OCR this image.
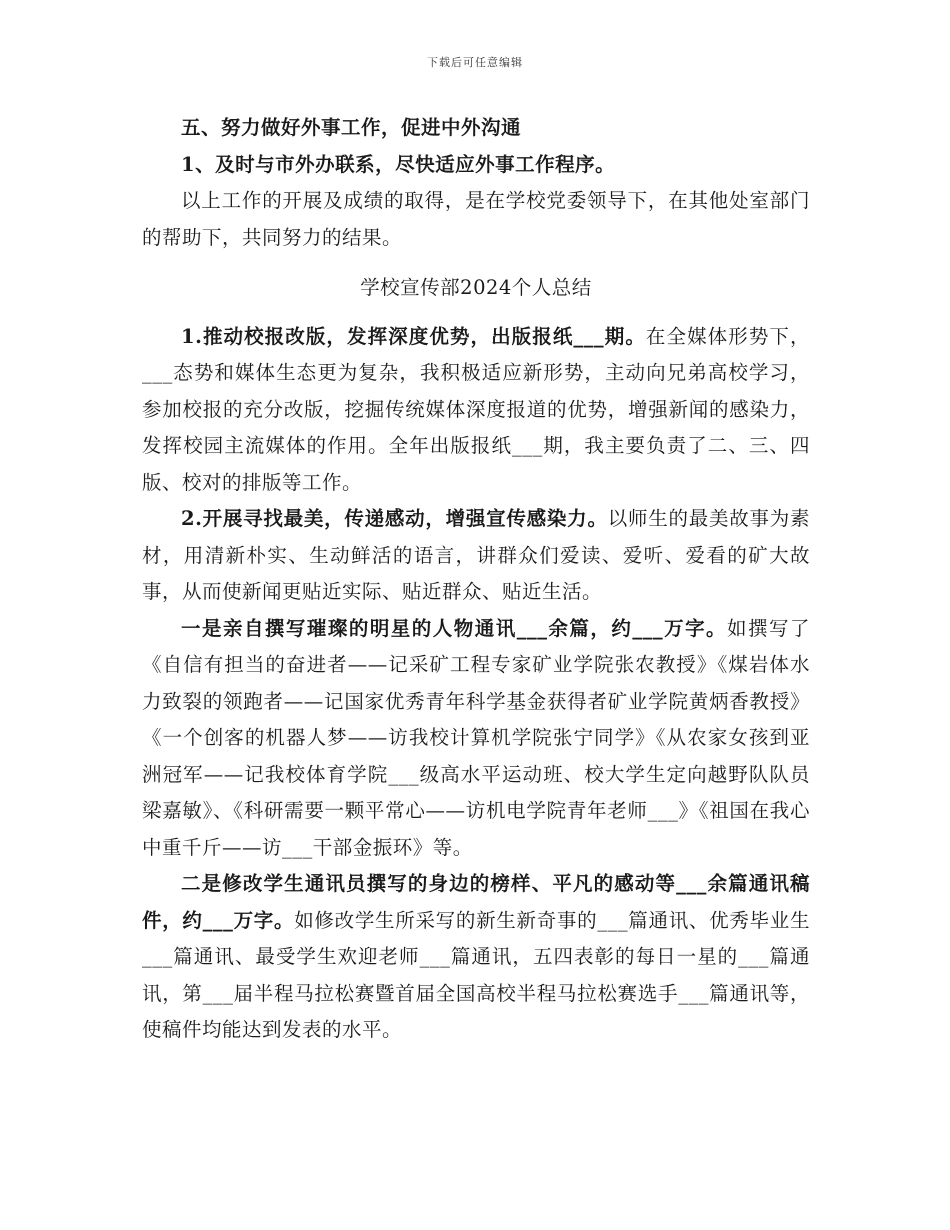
下载后可任意编辑
五、努力做好外事工作，促进中外沟通
1、及时与市外办联系，尽快适应外事工作程序。

以上工作的开展及成绩的取得，是在学校党委领导下，在其他处室部门的帮助下，共同努力的结果。

学校宣传部2024个人总结

1.推动校报改版，发挥深度优势，出版报纸___期。在全媒体形势下，___态势和媒体生态更为复杂，我积极适应新形势，主动向兄弟高校学习，参加校报的充分改版，挖掘传统媒体深度报道的优势，增强新闻的感染力，发挥校园主流媒体的作用。全年出版报纸___期，我主要负责了二、三、四版、校对的排版等工作。

2.开展寻找最美，传递感动，增强宣传感染力。以师生的最美故事为素材，用清新朴实、生动鲜活的语言，讲群众们爱读、爱听、爱看的矿大故事，从而使新闻更贴近实际、贴近群众、贴近生活。

一是亲自撰写璀璨的明星的人物通讯___余篇，约___万字。如撰写了《自信有担当的奋进者——记采矿工程专家矿业学院张农教授》《煤岩体水力致裂的领跑者——记国家优秀青年科学基金获得者矿业学院黄炳香教授》《一个创客的机器人梦——访我校计算机学院张宁同学》《从农家女孩到亚洲冠军——记我校体育学院___级高水平运动班、校大学生定向越野队队员梁嘉敏》、《科研需要一颗平常心——访机电学院青年老师___》《祖国在我心中重千斤——访___干部金振环》等。

二是修改学生通讯员撰写的身边的榜样、平凡的感动等___余篇通讯稿件，约___万字。如修改学生所采写的新生新奇事的___篇通讯、优秀毕业生___篇通讯、最受学生欢迎老师___篇通讯，五四表彰的每日一星的___篇通讯，第___届半程马拉松赛暨首届全国高校半程马拉松赛选手___篇通讯等，使稿件均能达到发表的水平。
